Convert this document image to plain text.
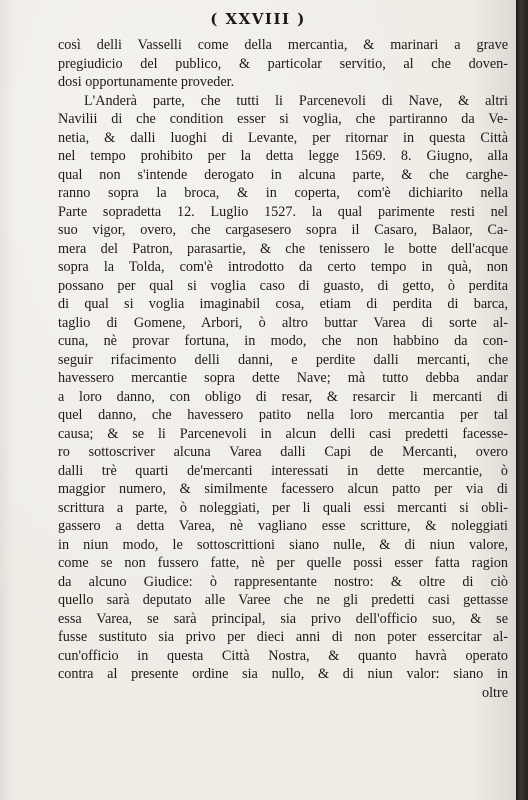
( XXVIII )
così delli Vasselli come della mercantia, & marinari a grave
pregiudicio del publico, & particolar servitio, al che doven-
dosi opportunamente proveder.
L'Anderà parte, che tutti li Parcenevoli di Nave, & altri
Navilii di che condition esser si voglia, che partiranno da Ve-
netia, & dalli luoghi di Levante, per ritornar in questa Città
nel tempo prohibito per la detta legge 1569. 8. Giugno, alla
qual non s'intende derogato in alcuna parte, & che carghe-
ranno sopra la broca, & in coperta, com'è dichiarito nella
Parte sopradetta 12. Luglio 1527. la qual parimente resti nel
suo vigor, overo, che cargasesero sopra il Casaro, Balaor, Ca-
mera del Patron, parasartie, & che tenissero le botte dell'acque
sopra la Tolda, com'è introdotto da certo tempo in quà, non
possano per qual si voglia caso di guasto, di getto, ò perdita
di qual si voglia imaginabil cosa, etiam di perdita di barca,
taglio di Gomene, Arbori, ò altro buttar Varea di sorte al-
cuna, nè provar fortuna, in modo, che non habbino da con-
seguir rifacimento delli danni, e perdite dalli mercanti, che
havessero mercantie sopra dette Nave; mà tutto debba andar
a loro danno, con obligo di resar, & resarcir li mercanti di
quel danno, che havessero patito nella loro mercantia per tal
causa; & se li Parcenevoli in alcun delli casi predetti facesse-
ro sottoscriver alcuna Varea dalli Capi de Mercanti, overo
dalli trè quarti de'mercanti interessati in dette mercantie, ò
maggior numero, & similmente facessero alcun patto per via di
scrittura a parte, ò noleggiati, per li quali essi mercanti si obli-
gassero a detta Varea, nè vagliano esse scritture, & noleggiati
in niun modo, le sottoscrittioni siano nulle, & di niun valore,
come se non fussero fatte, nè per quelle possi esser fatta ragion
da alcuno Giudice: ò rappresentante nostro: & oltre di ciò
quello sarà deputato alle Varee che ne gli predetti casi gettasse
essa Varea, se sarà principal, sia privo dell'officio suo, & se
fusse sustituto sia privo per dieci anni di non poter essercitar al-
cun'officio in questa Città Nostra, & quanto havrà operato
contra al presente ordine sia nullo, & di niun valor: siano in
oltre
